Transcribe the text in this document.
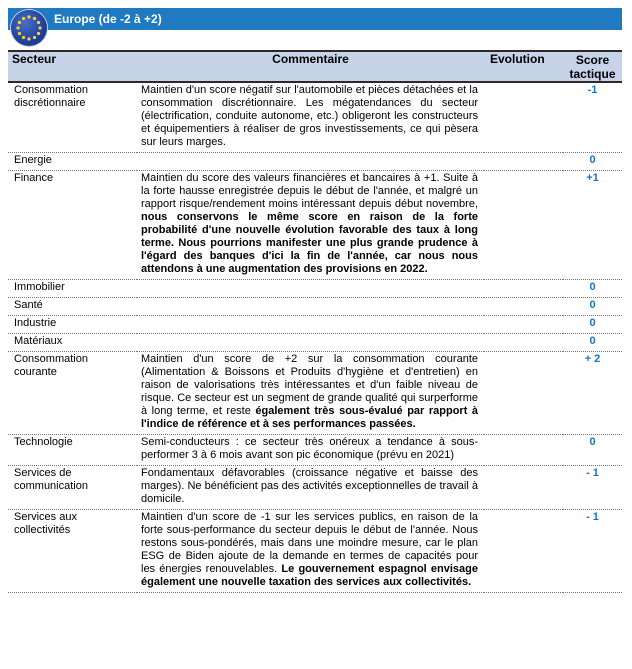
Europe (de -2 à +2)
Secteur	Commentaire	Evolution	Score
tactique
Consommation
discrétionnaire	Maintien d'un score négatif sur l'automobile et pièces détachées et la consommation discrétionnaire. Les mégatendances du secteur (électrification, conduite autonome, etc.) obligeront les constructeurs et équipementiers à réaliser de gros investissements, ce qui pèsera sur leurs marges.		-1
Energie			0
Finance	Maintien du score des valeurs financières et bancaires à +1. Suite à la forte hausse enregistrée depuis le début de l'année, et malgré un rapport risque/rendement moins intéressant depuis début novembre, nous conservons le même score en raison de la forte probabilité d'une nouvelle évolution favorable des taux à long terme. Nous pourrions manifester une plus grande prudence à l'égard des banques d'ici la fin de l'année, car nous nous attendons à une augmentation des provisions en 2022.		+1
Immobilier			0
Santé			0
Industrie			0
Matériaux			0
Consommation
courante	Maintien d'un score de +2 sur la consommation courante (Alimentation & Boissons et Produits d'hygiène et d'entretien) en raison de valorisations très intéressantes et d'un faible niveau de risque. Ce secteur est un segment de grande qualité qui surperforme à long terme, et reste également très sous-évalué par rapport à l'indice de référence et à ses performances passées.		+ 2
Technologie	Semi-conducteurs : ce secteur très onéreux a tendance à sous-performer 3 à 6 mois avant son pic économique (prévu en 2021)		0
Services de
communication	Fondamentaux défavorables (croissance négative et baisse des marges). Ne bénéficient pas des activités exceptionnelles de travail à domicile.		- 1
Services aux
collectivités	Maintien d'un score de -1 sur les services publics, en raison de la forte sous-performance du secteur depuis le début de l'année. Nous restons sous-pondérés, mais dans une moindre mesure, car le plan ESG de Biden ajoute de la demande en termes de capacités pour les énergies renouvelables. Le gouvernement espagnol envisage également une nouvelle taxation des services aux collectivités.		- 1
